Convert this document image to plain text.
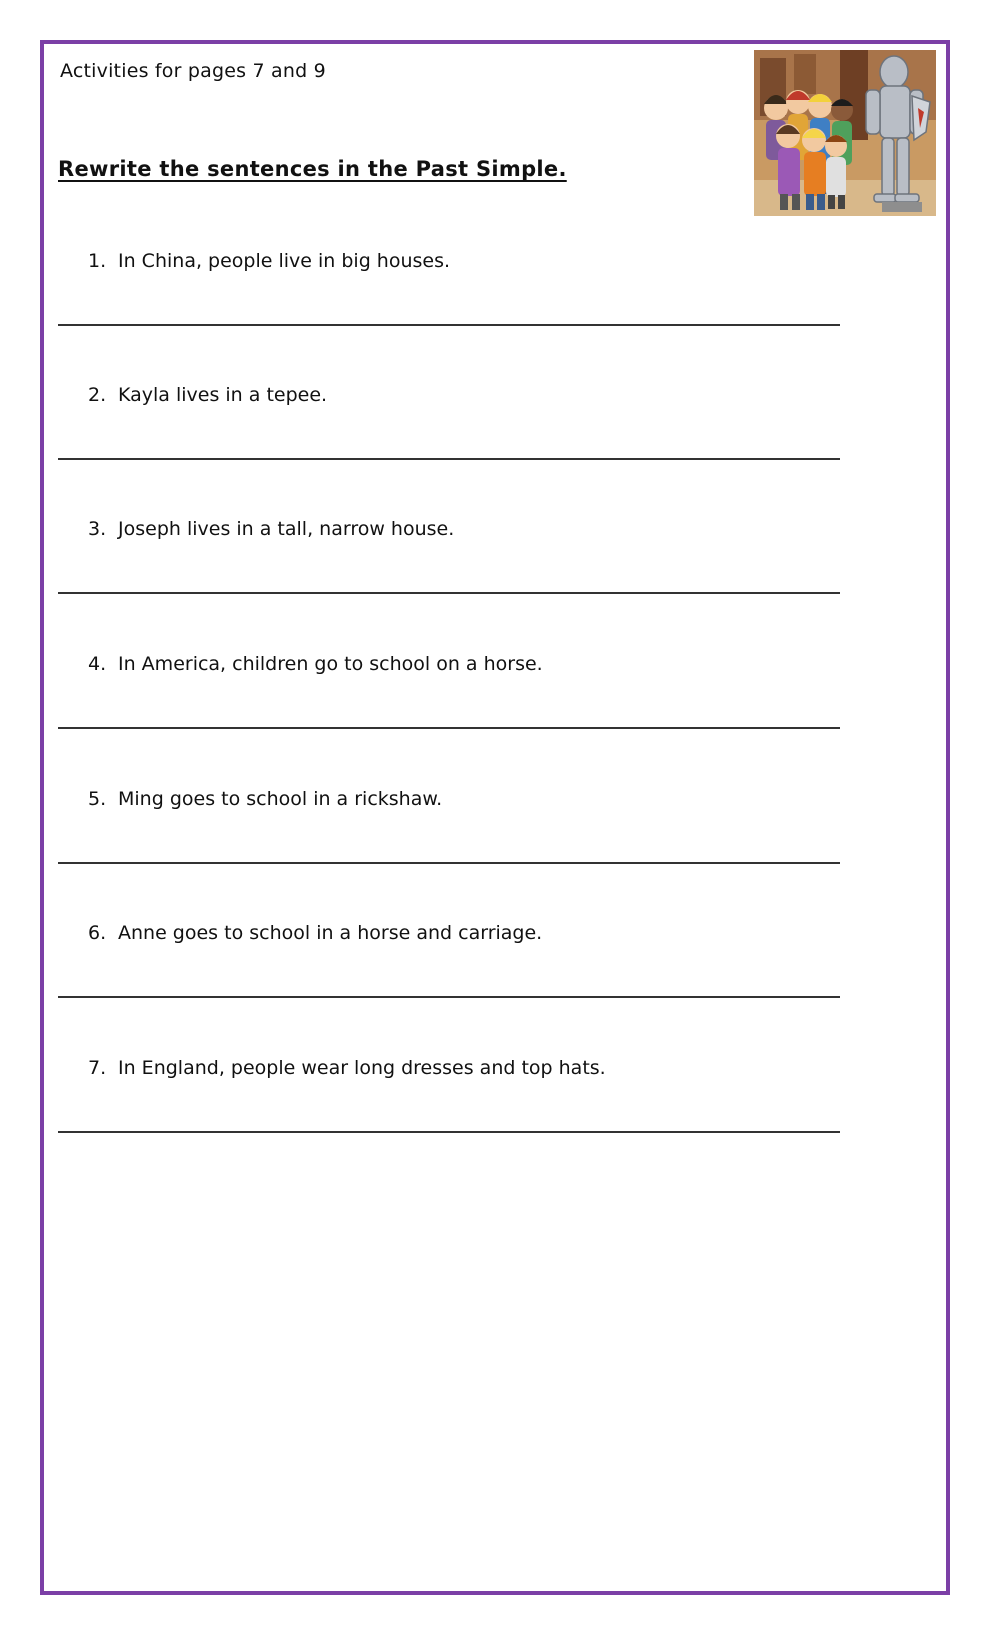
Activities for pages 7 and 9
Rewrite the sentences in the Past Simple.
1. In China, people live in big houses.
2. Kayla lives in a tepee.
3. Joseph lives in a tall, narrow house.
4. In America, children go to school on a horse.
5. Ming goes to school in a rickshaw.
6. Anne goes to school in a horse and carriage.
7. In England, people wear long dresses and top hats.
